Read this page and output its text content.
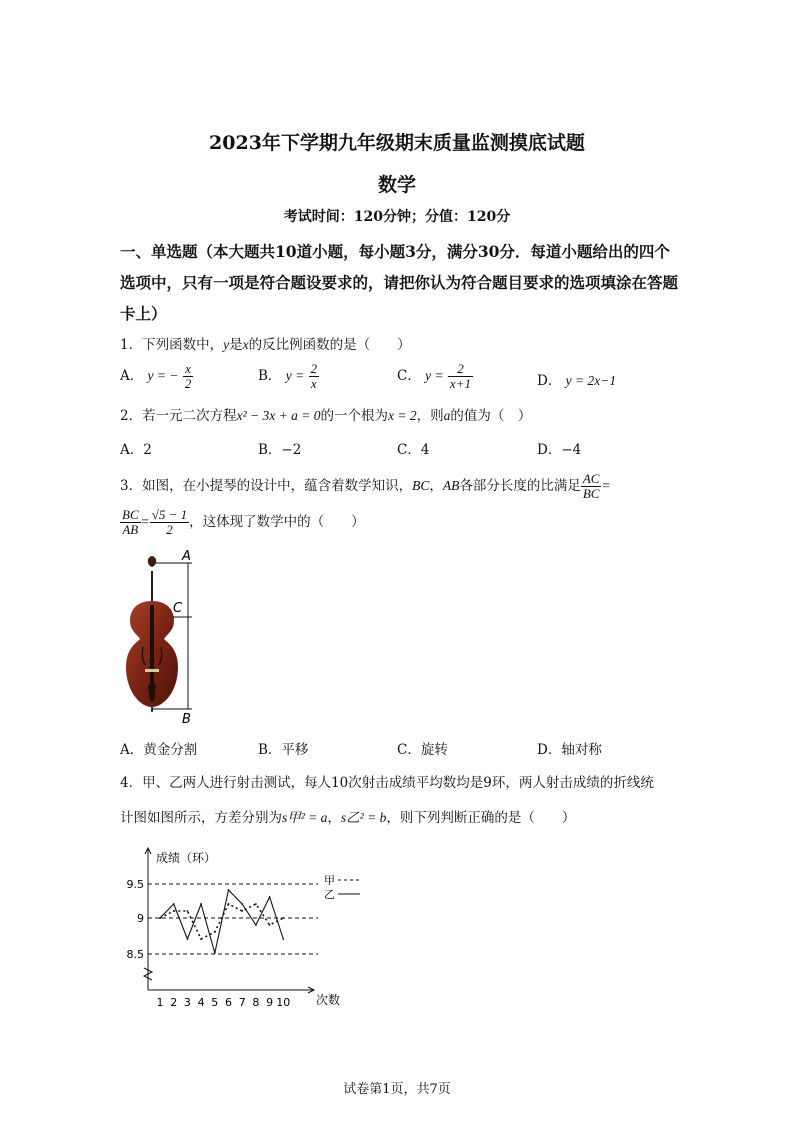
2023年下学期九年级期末质量监测摸底试题
数学
考试时间：120分钟；分值：120分
一、单选题（本大题共10道小题，每小题3分，满分30分．每道小题给出的四个选项中，只有一项是符合题设要求的，请把你认为符合题目要求的选项填涂在答题卡上）
1．下列函数中，y是x的反比例函数的是（　　）
A． y = − $\frac{x}{2}$	B． $y = \frac{2}{x}$	C． $y = \frac{2}{x+1}$	D． y = 2x−1
2．若一元二次方程x² − 3x + a = 0的一个根为x = 2，则a的值为（　）
A．2	B．−2	C．4	D．−4
3．如图，在小提琴的设计中，蕴含着数学知识，BC，AB各部分长度的比满足 $\frac{AC}{BC}$ =
$\frac{BC}{AB} = \frac{√5 - 1}{2}$ ，这体现了数学中的（　　）
A
C
B
A．黄金分割	B．平移	C．旋转	D．轴对称
4．甲、乙两人进行射击测试，每人10次射击成绩平均数均是9环，两人射击成绩的折线统
计图如图所示，方差分别为s甲² = a，s乙² = b，则下列判断正确的是（　　）
成绩（环）
次数
9.5
9
8.5
1 2 3 4 5 6 7 8 9 10
甲
乙
试卷第1页，共7页
